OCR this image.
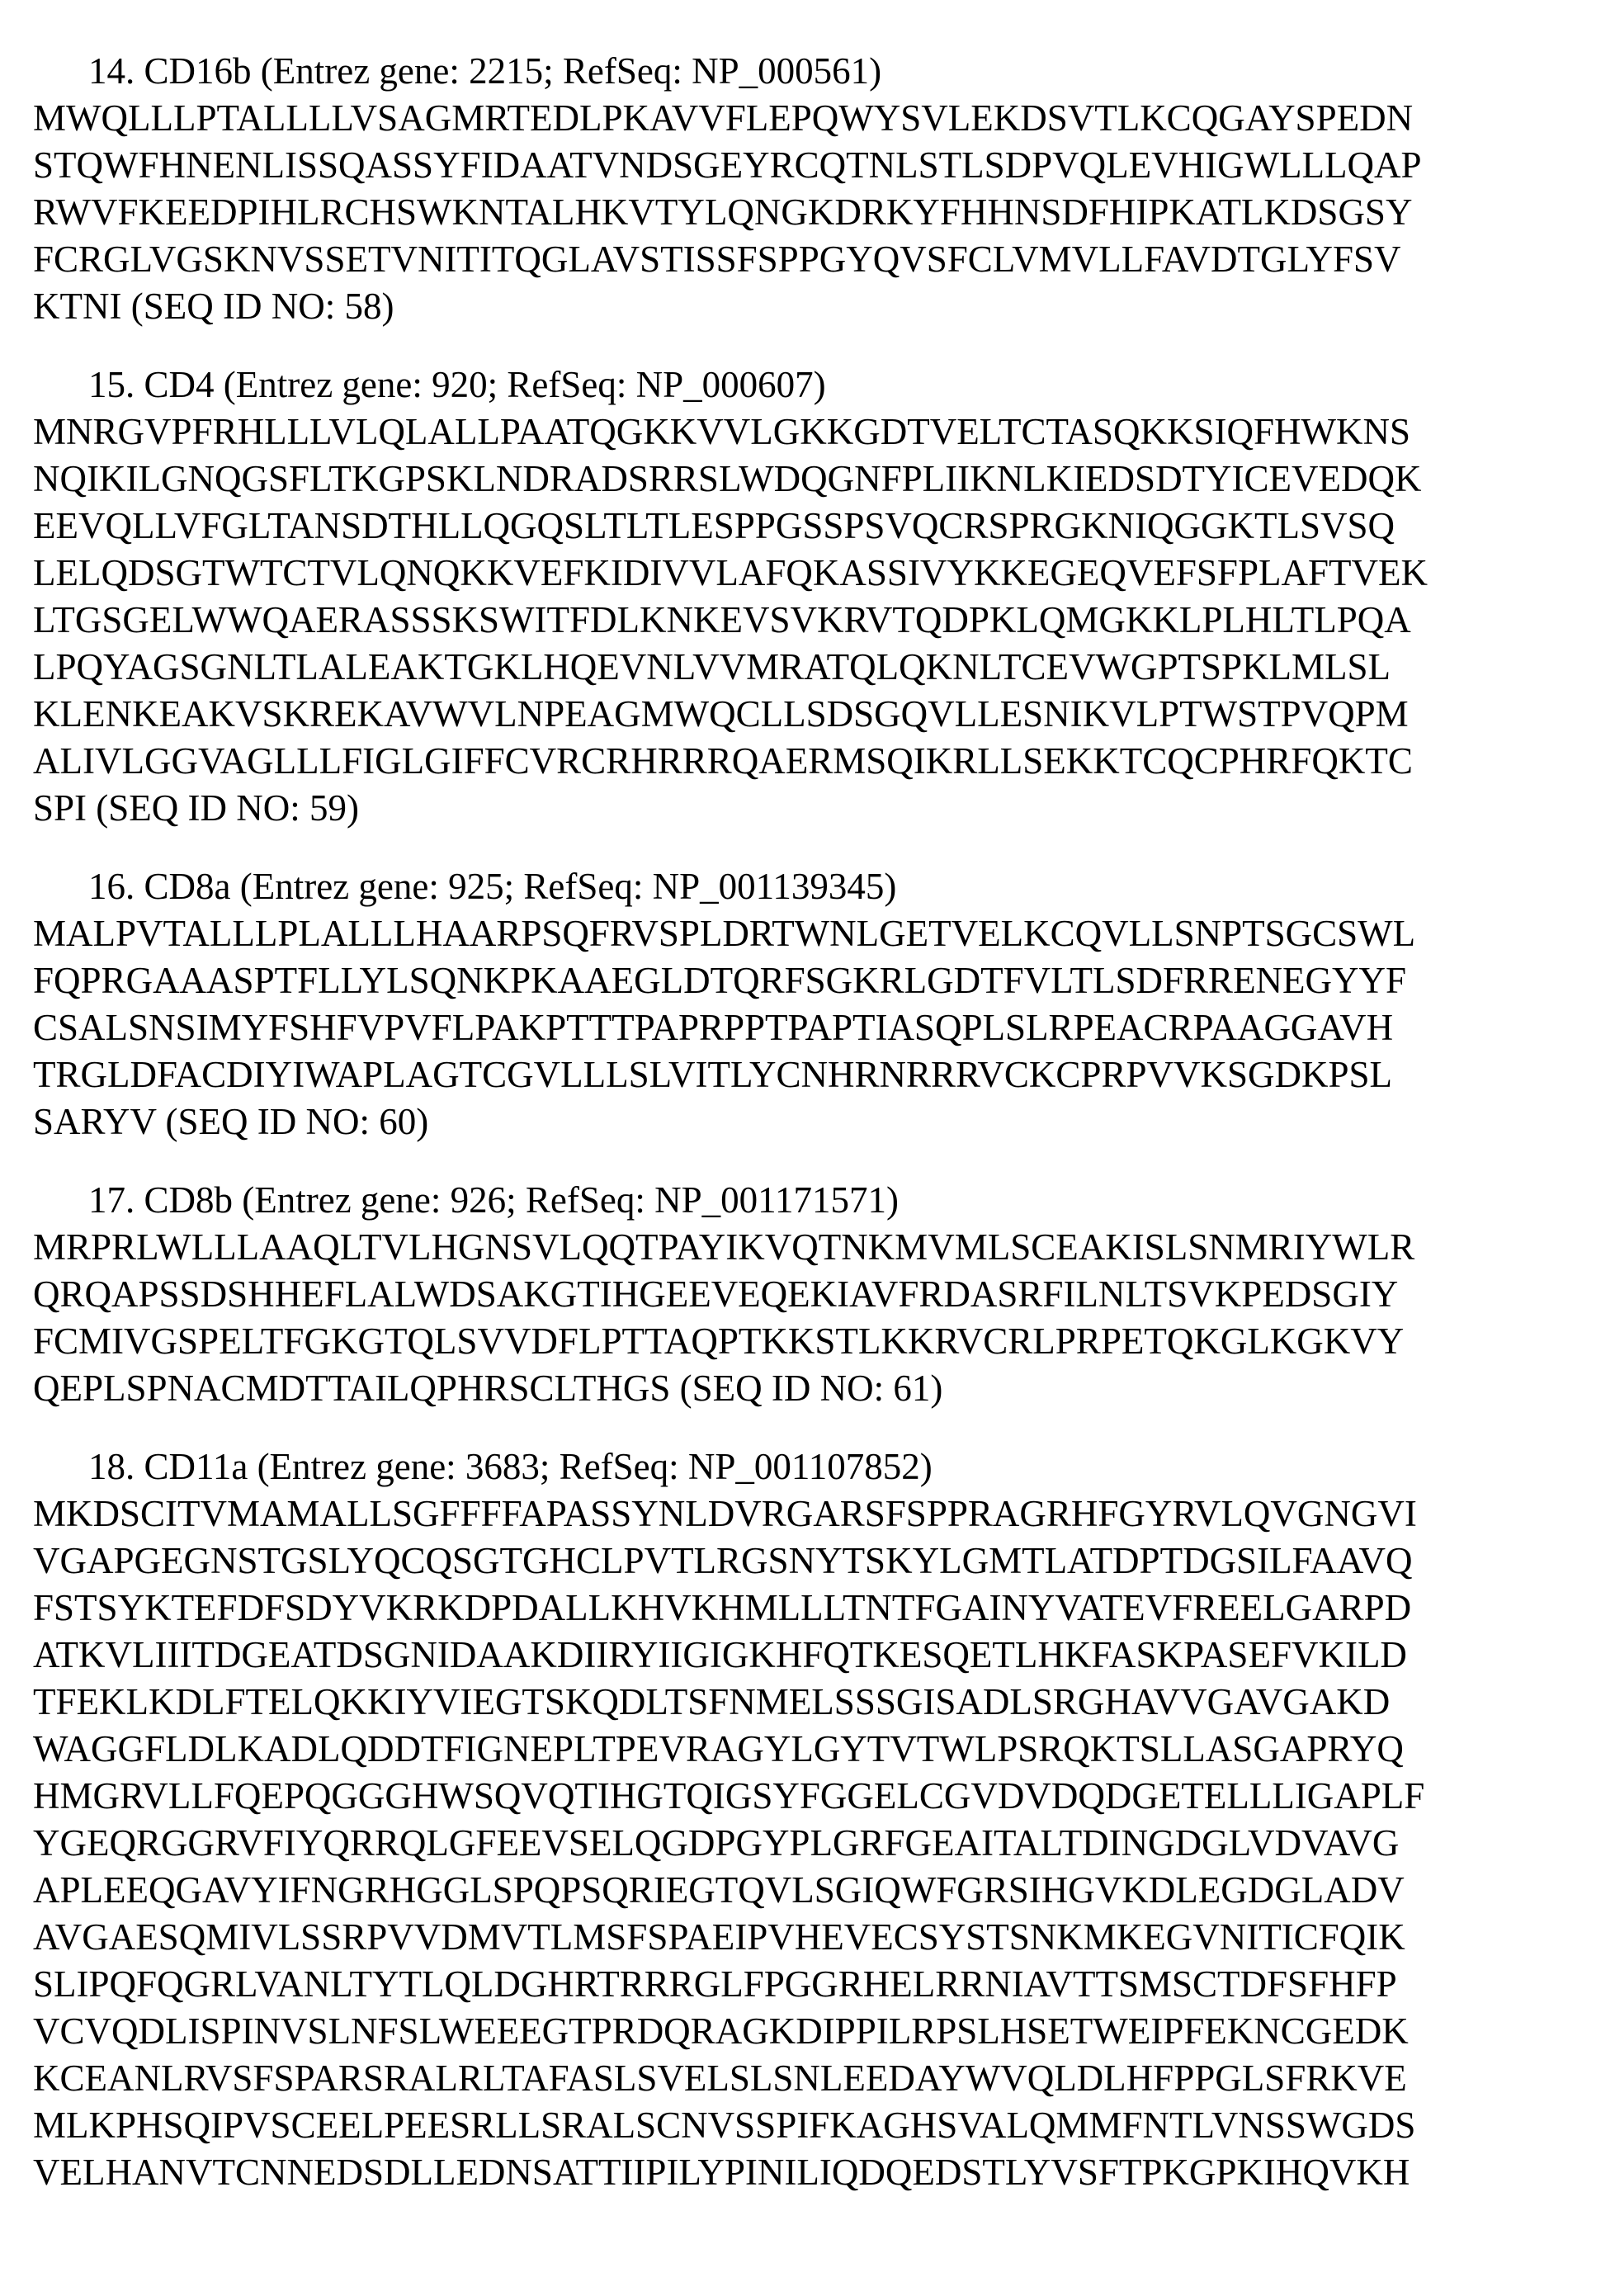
14. CD16b (Entrez gene: 2215; RefSeq: NP_000561)
MWQLLLPTALLLLVSAGMRTEDLPKAVVFLEPQWYSVLEKDSVTLKCQGAYSPEDN
STQWFHNENLISSQASSYFIDAATVNDSGEYRCQTNLSTLSDPVQLEVHIGWLLLQAP
RWVFKEEDPIHLRCHSWKNTALHKVTYLQNGKDRKYFHHNSDFHIPKATLKDSGSY
FCRGLVGSKNVSSETVNITITQGLAVSTISSFSPPGYQVSFCLVMVLLFAVDTGLYFSV
KTNI (SEQ ID NO: 58)
15. CD4 (Entrez gene: 920; RefSeq: NP_000607)
MNRGVPFRHLLLVLQLALLPAATQGKKVVLGKKGDTVELTCTASQKKSIQFHWKNS
NQIKILGNQGSFLTKGPSKLNDRADSRRSLWDQGNFPLIIKNLKIEDSDTYICEVEDQK
EEVQLLVFGLTANSDTHLLQGQSLTLTLESPPGSSPSVQCRSPRGKNIQGGKTLSVSQ
LELQDSGTWTCTVLQNQKKVEFKIDIVVLAFQKASSIVYKKEGEQVEFSFPLAFTVEK
LTGSGELWWQAERASSSKSWITFDLKNKEVSVKRVTQDPKLQMGKKLPLHLTLPQA
LPQYAGSGNLTLALEAKTGKLHQEVNLVVMRATQLQKNLTCEVWGPTSPKLMLSL
KLENKEAKVSKREKAVWVLNPEAGMWQCLLSDSGQVLLESNIKVLPTWSTPVQPM
ALIVLGGVAGLLLFIGLGIFFCVRCRHRRRQAERMSQIKRLLSEKKTCQCPHRFQKTC
SPI (SEQ ID NO: 59)
16. CD8a (Entrez gene: 925; RefSeq: NP_001139345)
MALPVTALLLPLALLLHAARPSQFRVSPLDRTWNLGETVELKCQVLLSNPTSGCSWL
FQPRGAAASPTFLLYLSQNKPKAAEGLDTQRFSGKRLGDTFVLTLSDFRRENEGYYF
CSALSNSIMYFSHFVPVFLPAKPTTTPAPRPPTPAPTIASQPLSLRPEACRPAAGGAVH
TRGLDFACDIYIWAPLAGTCGVLLLSLVITLYCNHRNRRRVCKCPRPVVKSGDKPSL
SARYV (SEQ ID NO: 60)
17. CD8b (Entrez gene: 926; RefSeq: NP_001171571)
MRPRLWLLLAAQLTVLHGNSVLQQTPAYIKVQTNKMVMLSCEAKISLSNMRIYWLR
QRQAPSSDSHHEFLALWDSAKGTIHGEEVEQEKIAVFRDASRFILNLTSVKPEDSGIY
FCMIVGSPELTFGKGTQLSVVDFLPTTAQPTKKSTLKKRVCRLPRPETQKGLKGKVY
QEPLSPNACMDTTAILQPHRSCLTHGS (SEQ ID NO: 61)
18. CD11a (Entrez gene: 3683; RefSeq: NP_001107852)
MKDSCITVMAMALLSGFFFFAPASSYNLDVRGARSFSPPRAGRHFGYRVLQVGNGVI
VGAPGEGNSTGSLYQCQSGTGHCLPVTLRGSNYTSKYLGMTLATDPTDGSILFAAVQ
FSTSYKTEFDFSDYVKRKDPDALLKHVKHMLLLTNTFGAINYVATEVFREELGARPD
ATKVLIIITDGEATDSGNIDAAKDIIRYIIGIGKHFQTKESQETLHKFASKPASEFVKILD
TFEKLKDLFTELQKKIYVIEGTSKQDLTSFNMELSSSGISADLSRGHAVVGAVGAKD
WAGGFLDLKADLQDDTFIGNEPLTPEVRAGYLGYTVTWLPSRQKTSLLASGAPRYQ
HMGRVLLFQEPQGGGHWSQVQTIHGTQIGSYFGGELCGVDVDQDGETELLLIGAPLF
YGEQRGGRVFIYQRRQLGFEEVSELQGDPGYPLGRFGEAITALTDINGDGLVDVAVG
APLEEQGAVYIFNGRHGGLSPQPSQRIEGTQVLSGIQWFGRSIHGVKDLEGDGLADV
AVGAESQMIVLSSRPVVDMVTLMSFSPAEIPVHEVECSYSTSNKMKEGVNITICFQIK
SLIPQFQGRLVANLTYTLQLDGHRTRRRGLFPGGRHELRRNIAVTTSMSCTDFSFHFP
VCVQDLISPINVSLNFSLWEEEGTPRDQRAGKDIPPILRPSLHSETWEIPFEKNCGEDK
KCEANLRVSFSPARSRALRLTAFASLSVELSLSNLEEDAYWVQLDLHFPPGLSFRKVE
MLKPHSQIPVSCEELPEESRLLSRALSCNVSSPIFKAGHSVALQMMFNTLVNSSWGDS
VELHANVTCNNEDSDLLEDNSATTIIPILYPINILIQDQEDSTLYVSFTPKGPKIHQVKH
